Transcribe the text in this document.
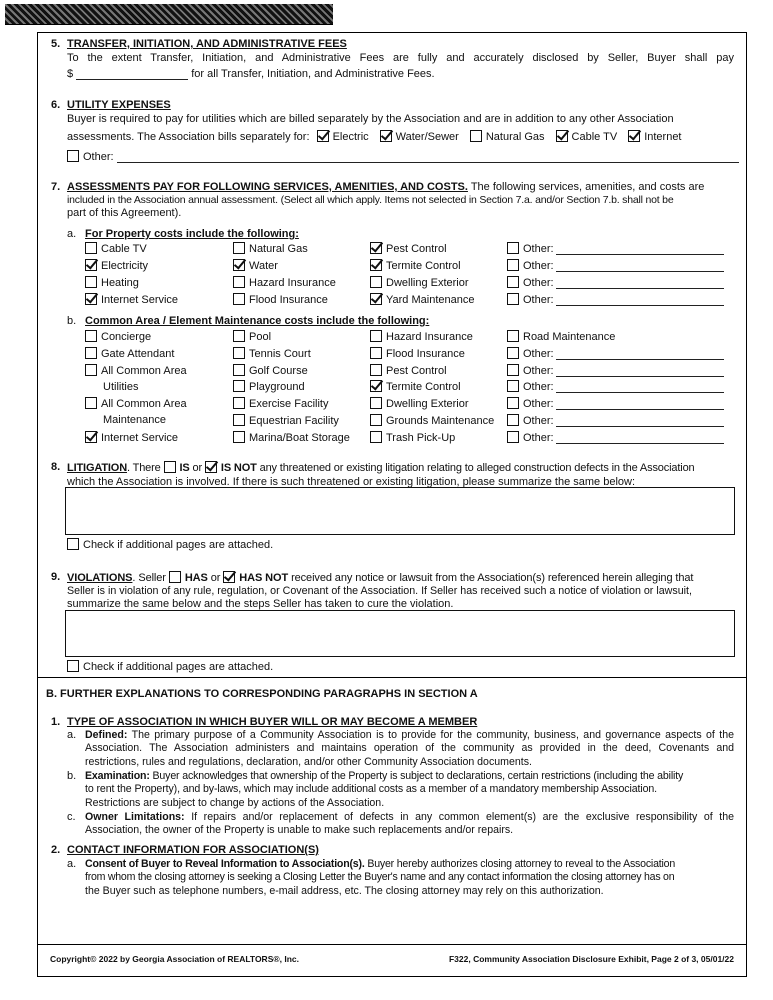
5. TRANSFER, INITIATION, AND ADMINISTRATIVE FEES
To the extent Transfer, Initiation, and Administrative Fees are fully and accurately disclosed by Seller, Buyer shall pay
$	for all Transfer, Initiation, and Administrative Fees.
6. UTILITY EXPENSES
Buyer is required to pay for utilities which are billed separately by the Association and are in addition to any other Association
assessments. The Association bills separately for: Electric Water/Sewer Natural Gas Cable TV Internet
Other:
7. ASSESSMENTS PAY FOR FOLLOWING SERVICES, AMENITIES, AND COSTS. The following services, amenities, and costs are
included in the Association annual assessment. (Select all which apply. Items not selected in Section 7.a. and/or Section 7.b. shall not be
part of this Agreement).
a. For Property costs include the following:
Cable TV
Electricity
Heating
Internet Service
Natural Gas
Water
Hazard Insurance
Flood Insurance
Pest Control
Termite Control
Dwelling Exterior
Yard Maintenance
Other:
Other:
Other:
Other:
b. Common Area / Element Maintenance costs include the following:
Concierge
Gate Attendant
All Common Area
Utilities
All Common Area
Maintenance
Internet Service
Pool
Tennis Court
Golf Course
Playground
Exercise Facility
Equestrian Facility
Marina/Boat Storage
Hazard Insurance
Flood Insurance
Pest Control
Termite Control
Dwelling Exterior
Grounds Maintenance
Trash Pick-Up
Road Maintenance
Other:
Other:
Other:
Other:
Other:
Other:
8. LITIGATION. There IS or IS NOT any threatened or existing litigation relating to alleged construction defects in the Association
which the Association is involved. If there is such threatened or existing litigation, please summarize the same below:
Check if additional pages are attached.
9. VIOLATIONS. Seller HAS or HAS NOT received any notice or lawsuit from the Association(s) referenced herein alleging that
Seller is in violation of any rule, regulation, or Covenant of the Association. If Seller has received such a notice of violation or lawsuit,
summarize the same below and the steps Seller has taken to cure the violation.
Check if additional pages are attached.
B. FURTHER EXPLANATIONS TO CORRESPONDING PARAGRAPHS IN SECTION A
1. TYPE OF ASSOCIATION IN WHICH BUYER WILL OR MAY BECOME A MEMBER
a. Defined: The primary purpose of a Community Association is to provide for the community, business, and governance aspects of the
Association. The Association administers and maintains operation of the community as provided in the deed, Covenants and
restrictions, rules and regulations, declaration, and/or other Community Association documents.
b. Examination: Buyer acknowledges that ownership of the Property is subject to declarations, certain restrictions (including the ability
to rent the Property), and by-laws, which may include additional costs as a member of a mandatory membership Association.
Restrictions are subject to change by actions of the Association.
c. Owner Limitations: If repairs and/or replacement of defects in any common element(s) are the exclusive responsibility of the
Association, the owner of the Property is unable to make such replacements and/or repairs.
2. CONTACT INFORMATION FOR ASSOCIATION(S)
a. Consent of Buyer to Reveal Information to Association(s). Buyer hereby authorizes closing attorney to reveal to the Association
from whom the closing attorney is seeking a Closing Letter the Buyer's name and any contact information the closing attorney has on
the Buyer such as telephone numbers, e-mail address, etc. The closing attorney may rely on this authorization.
Copyright© 2022 by Georgia Association of REALTORS®, Inc.	F322, Community Association Disclosure Exhibit, Page 2 of 3, 05/01/22
